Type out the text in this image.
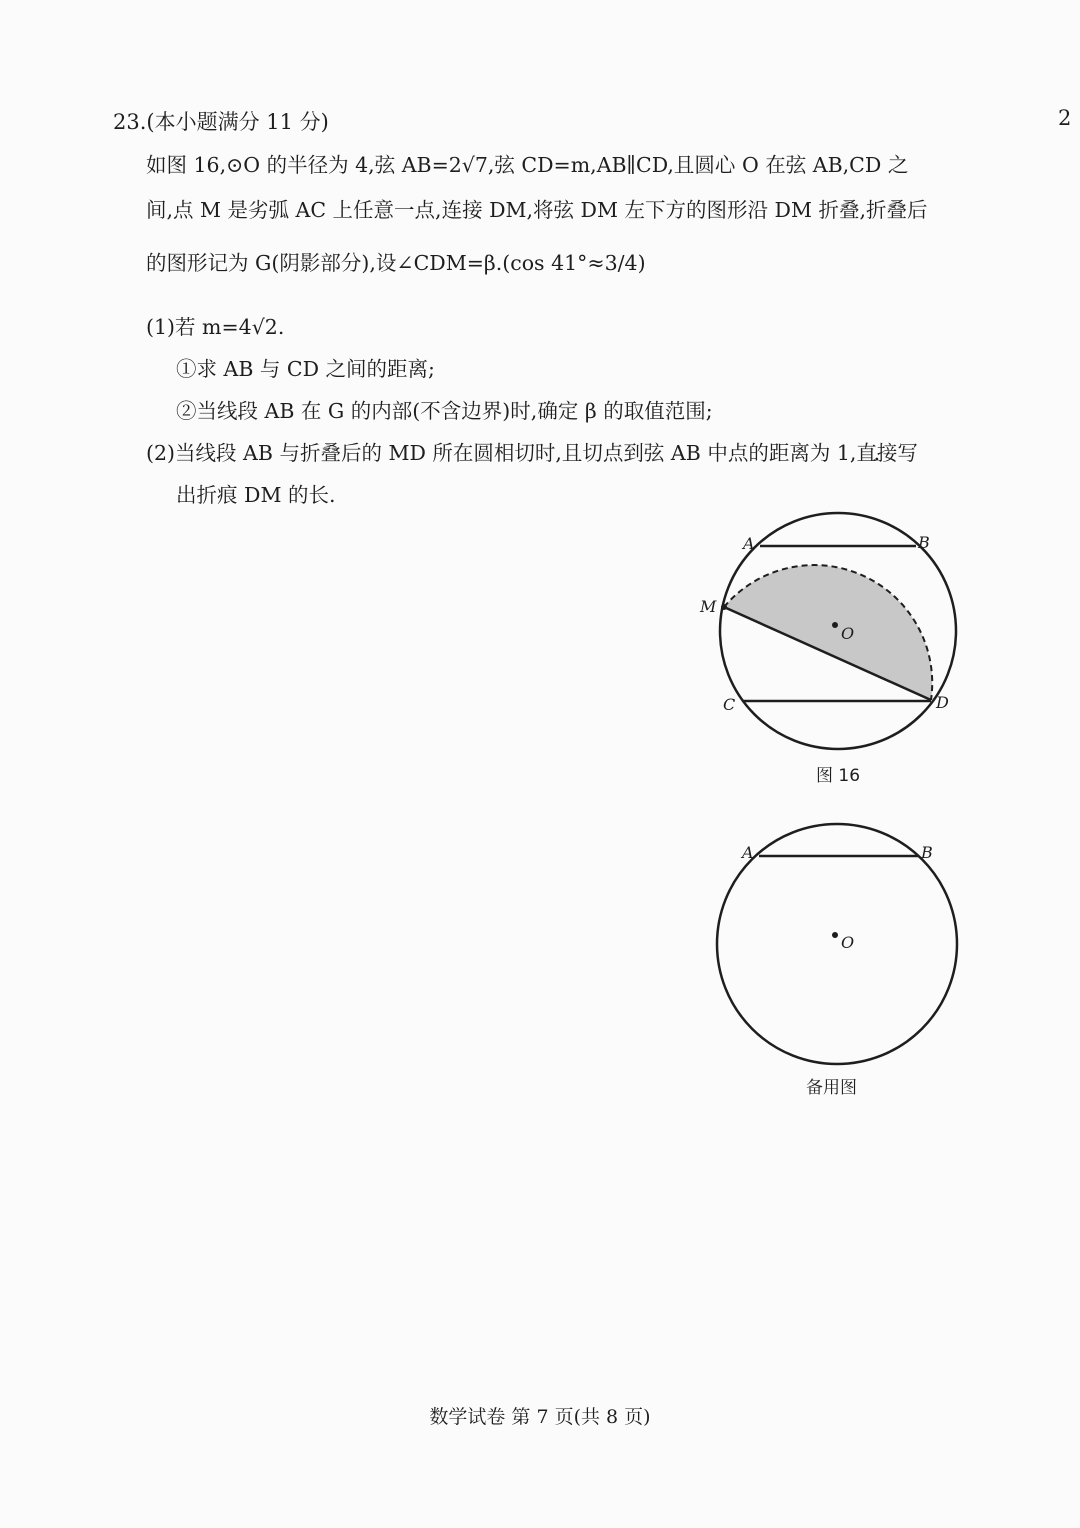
23.(本小题满分 11 分)	2
如图 16,⊙O 的半径为 4,弦 AB=2√7,弦 CD=m,AB∥CD,且圆心 O 在弦 AB,CD 之
间,点 M 是劣弧 AC 上任意一点,连接 DM,将弦 DM 左下方的图形沿 DM 折叠,折叠后
的图形记为 G(阴影部分),设∠CDM=β.(cos 41°≈3/4)
(1)若 m=4√2.
①求 AB 与 CD 之间的距离;
②当线段 AB 在 G 的内部(不含边界)时,确定 β 的取值范围;
(2)当线段 AB 与折叠后的 MD 所在圆相切时,且切点到弦 AB 中点的距离为 1,直接写
出折痕 DM 的长.
A	B
M
O
C	D
A	B
O
图 16
备用图
数学试卷 第 7 页(共 8 页)
